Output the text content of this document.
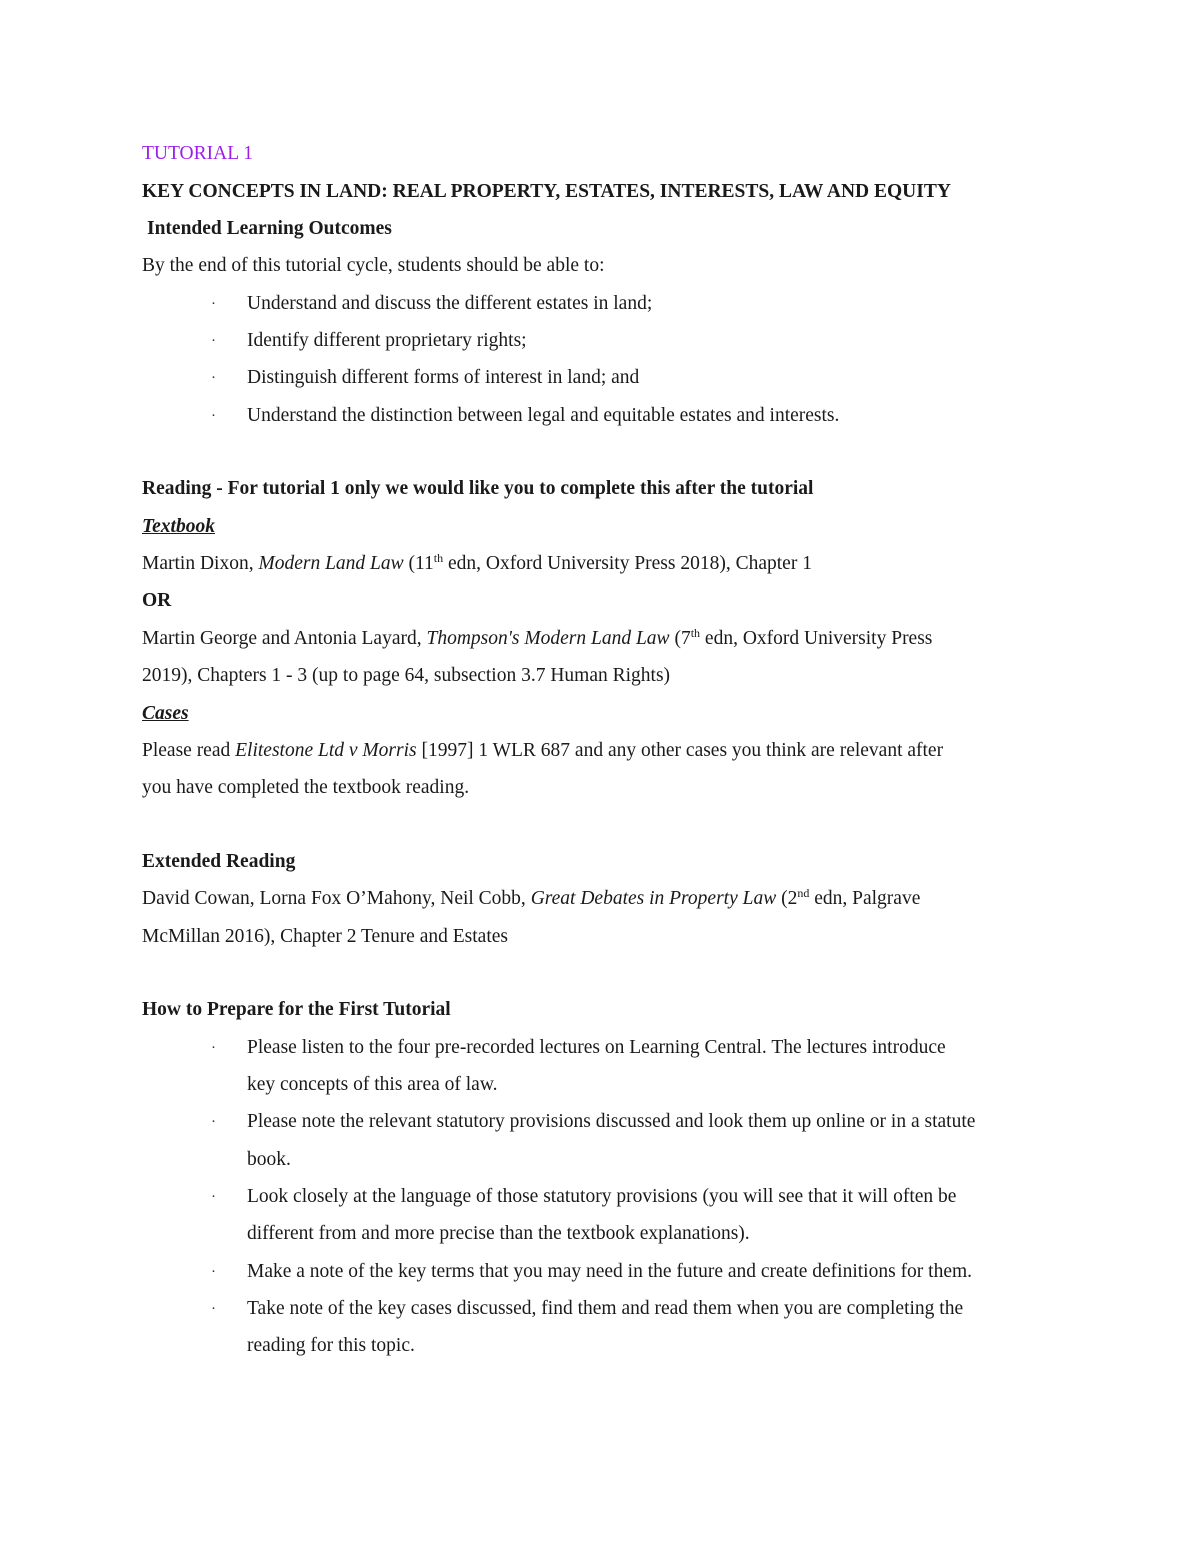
TUTORIAL 1
KEY CONCEPTS IN LAND: REAL PROPERTY, ESTATES, INTERESTS, LAW AND EQUITY
Intended Learning Outcomes
By the end of this tutorial cycle, students should be able to:
· Understand and discuss the different estates in land;
· Identify different proprietary rights;
· Distinguish different forms of interest in land; and
· Understand the distinction between legal and equitable estates and interests.
Reading - For tutorial 1 only we would like you to complete this after the tutorial
Textbook
Martin Dixon, Modern Land Law (11th edn, Oxford University Press 2018), Chapter 1
OR
Martin George and Antonia Layard, Thompson's Modern Land Law (7th edn, Oxford University Press
2019), Chapters 1 - 3 (up to page 64, subsection 3.7 Human Rights)
Cases
Please read Elitestone Ltd v Morris [1997] 1 WLR 687 and any other cases you think are relevant after
you have completed the textbook reading.
Extended Reading
David Cowan, Lorna Fox O’Mahony, Neil Cobb, Great Debates in Property Law (2nd edn, Palgrave
McMillan 2016), Chapter 2 Tenure and Estates
How to Prepare for the First Tutorial
· Please listen to the four pre-recorded lectures on Learning Central. The lectures introduce
key concepts of this area of law.
· Please note the relevant statutory provisions discussed and look them up online or in a statute
book.
· Look closely at the language of those statutory provisions (you will see that it will often be
different from and more precise than the textbook explanations).
· Make a note of the key terms that you may need in the future and create definitions for them.
· Take note of the key cases discussed, find them and read them when you are completing the
reading for this topic.
